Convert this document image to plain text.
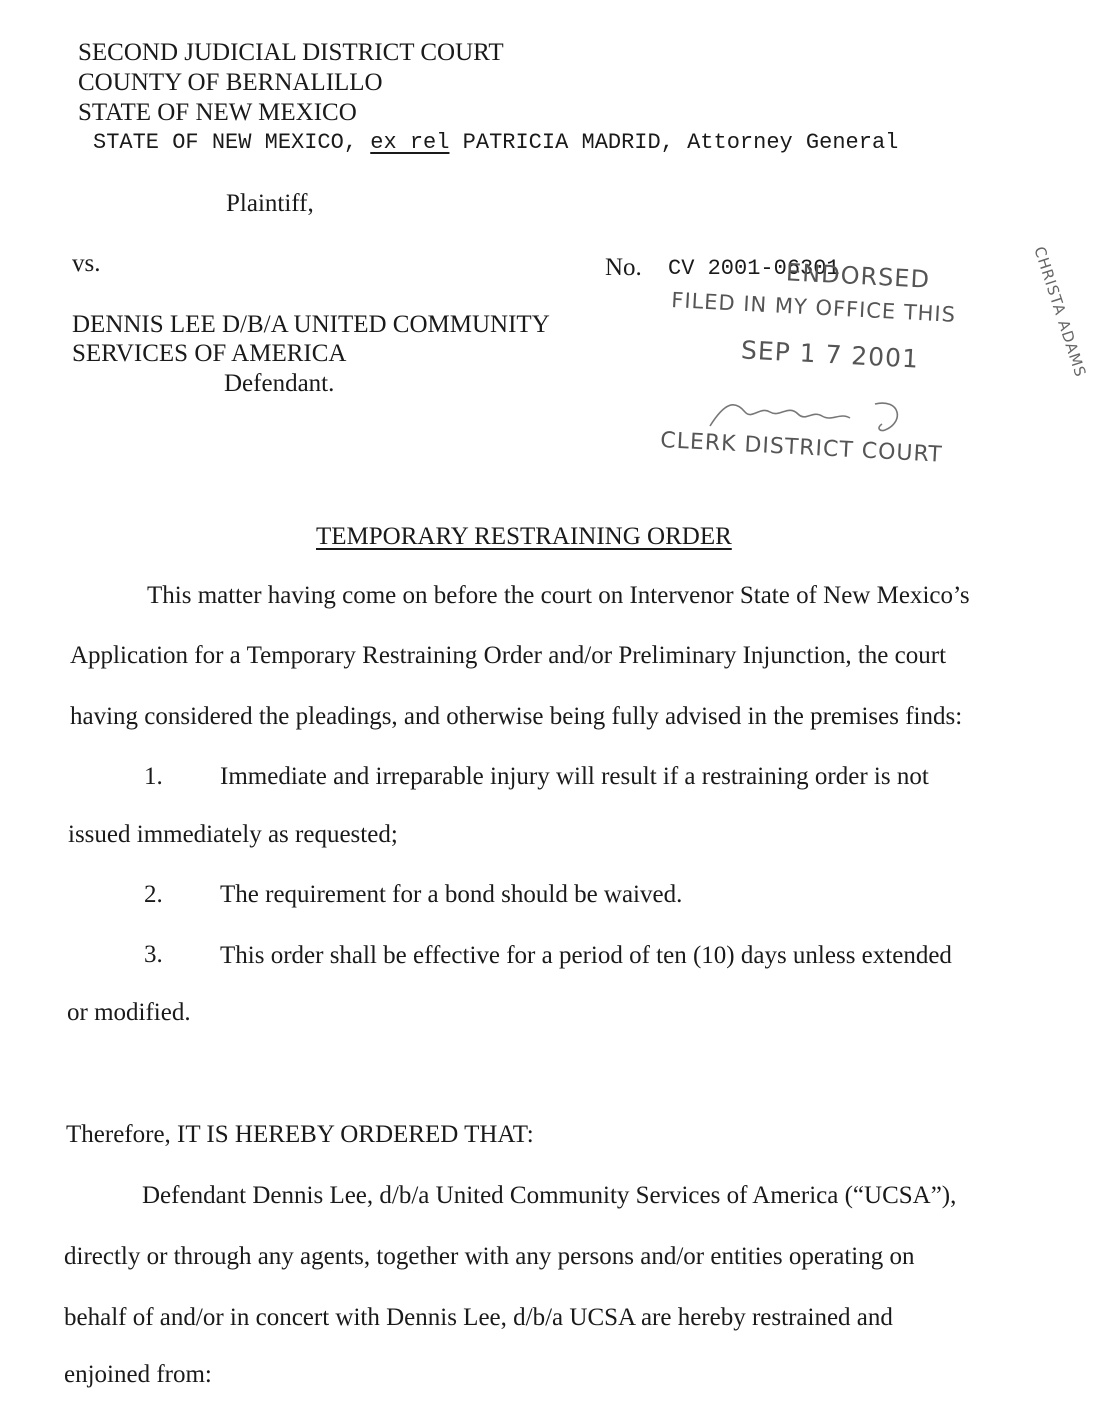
SECOND JUDICIAL DISTRICT COURT
COUNTY OF BERNALILLO
STATE OF NEW MEXICO
STATE OF NEW MEXICO, ex rel PATRICIA MADRID, Attorney General
Plaintiff,
vs.
DENNIS LEE D/B/A UNITED COMMUNITY
SERVICES OF AMERICA
Defendant.
No. CV 2001-06301
ENDORSED
FILED IN MY OFFICE THIS
SEP 1 7 2001
CLERK DISTRICT COURT
CHRISTA ADAMS
TEMPORARY RESTRAINING ORDER
This matter having come on before the court on Intervenor State of New Mexico’s
Application for a Temporary Restraining Order and/or Preliminary Injunction, the court
having considered the pleadings, and otherwise being fully advised in the premises finds:
1. Immediate and irreparable injury will result if a restraining order is not
issued immediately as requested;
2. The requirement for a bond should be waived.
3. This order shall be effective for a period of ten (10) days unless extended
or modified.
Therefore, IT IS HEREBY ORDERED THAT:
Defendant Dennis Lee, d/b/a United Community Services of America (“UCSA”),
directly or through any agents, together with any persons and/or entities operating on
behalf of and/or in concert with Dennis Lee, d/b/a UCSA are hereby restrained and
enjoined from:
